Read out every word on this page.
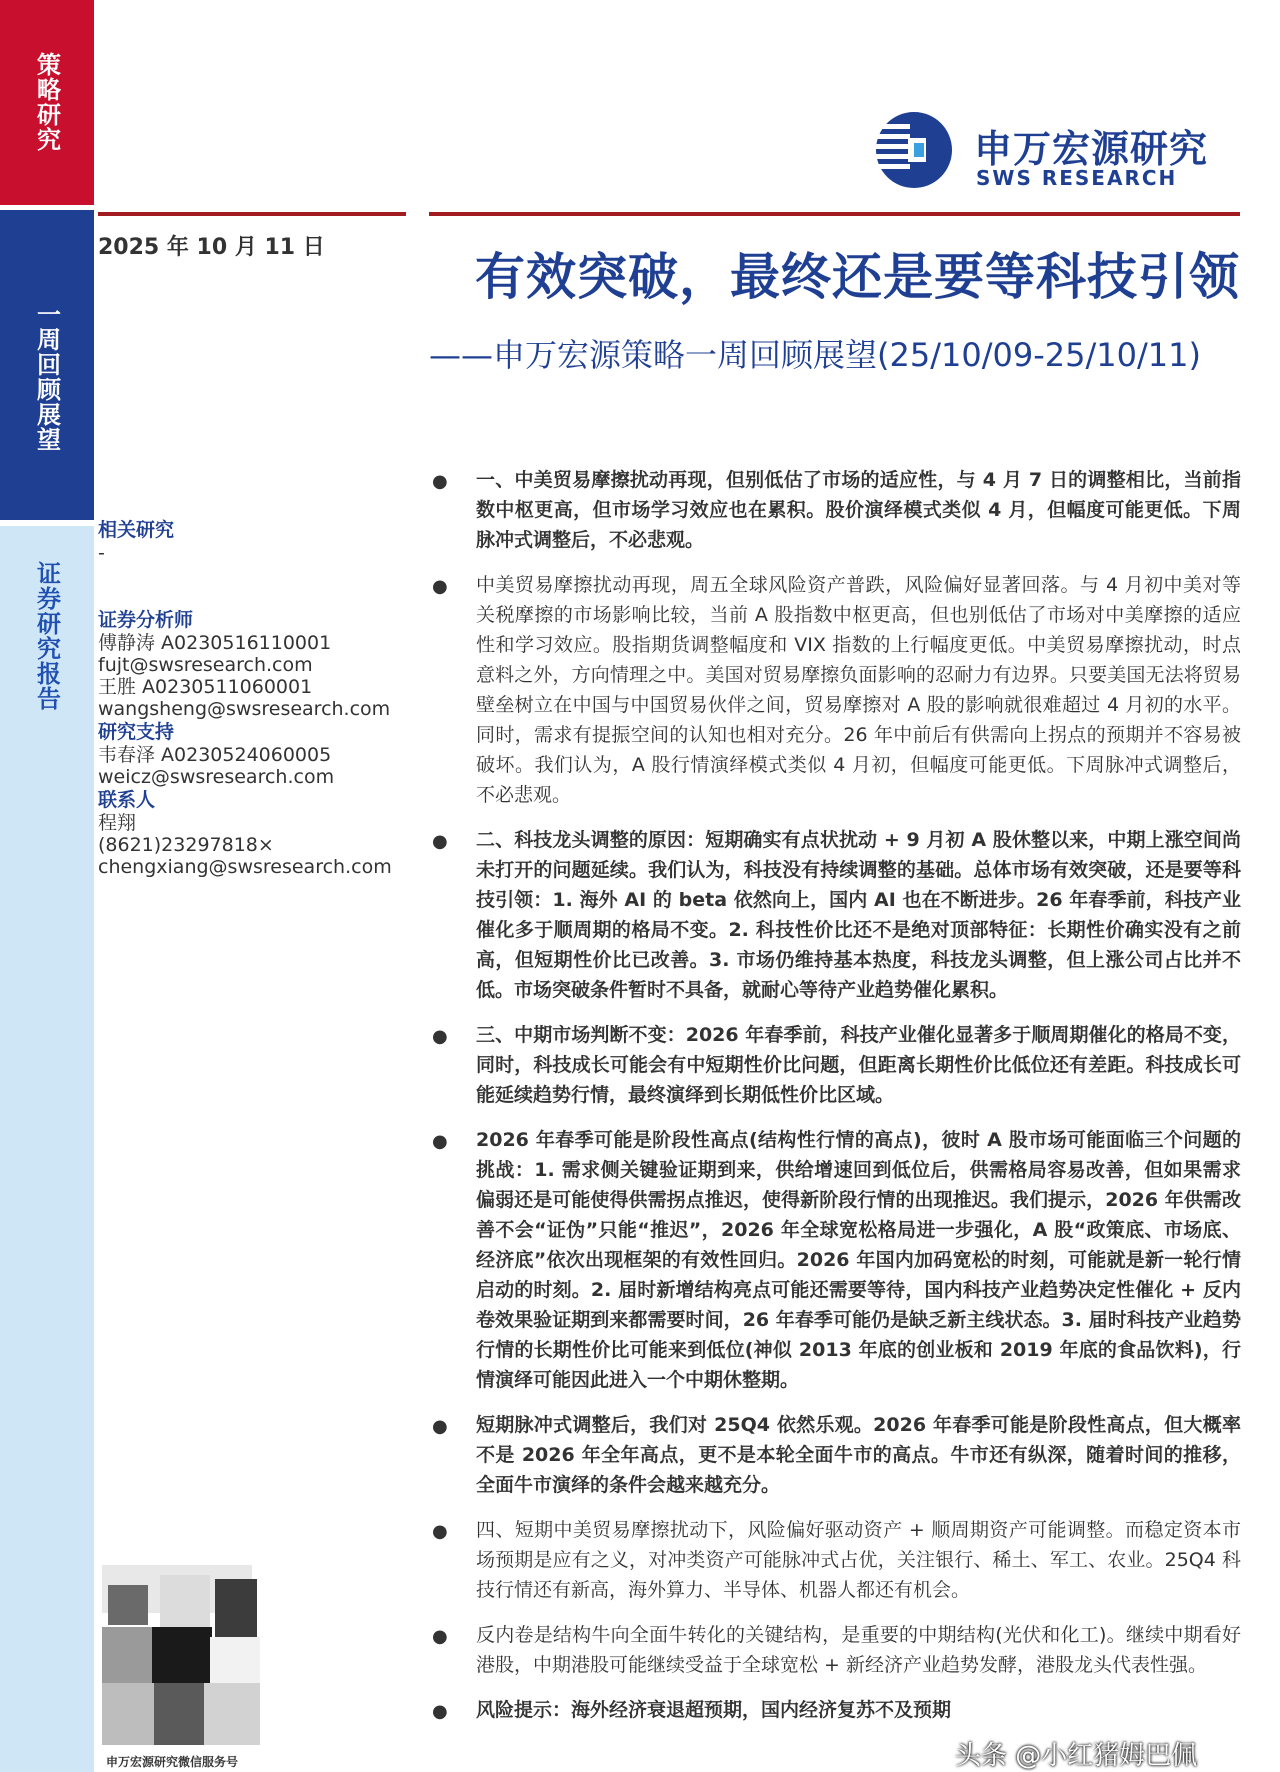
策略研究
一周回顾展望
证券研究报告
申万宏源研究
SWS RESEARCH
2025 年 10 月 11 日
有效突破，最终还是要等科技引领
——申万宏源策略一周回顾展望(25/10/09-25/10/11)
相关研究
-
证券分析师
傅静涛 A0230516110001
fujt@swsresearch.com
王胜 A0230511060001
wangsheng@swsresearch.com
研究支持
韦春泽 A0230524060005
weicz@swsresearch.com
联系人
程翔
(8621)23297818×
chengxiang@swsresearch.com
● 一、中美贸易摩擦扰动再现，但别低估了市场的适应性，与 4 月 7 日的调整相比，当前指数中枢更高，但市场学习效应也在累积。股价演绎模式类似 4 月，但幅度可能更低。下周脉冲式调整后，不必悲观。
● 中美贸易摩擦扰动再现，周五全球风险资产普跌，风险偏好显著回落。与 4 月初中美对等关税摩擦的市场影响比较，当前 A 股指数中枢更高，但也别低估了市场对中美摩擦的适应性和学习效应。股指期货调整幅度和 VIX 指数的上行幅度更低。中美贸易摩擦扰动，时点意料之外，方向情理之中。美国对贸易摩擦负面影响的忍耐力有边界。只要美国无法将贸易壁垒树立在中国与中国贸易伙伴之间，贸易摩擦对 A 股的影响就很难超过 4 月初的水平。同时，需求有提振空间的认知也相对充分。26 年中前后有供需向上拐点的预期并不容易被破坏。我们认为，A 股行情演绎模式类似 4 月初，但幅度可能更低。下周脉冲式调整后，不必悲观。
● 二、科技龙头调整的原因：短期确实有点状扰动 + 9 月初 A 股休整以来，中期上涨空间尚未打开的问题延续。我们认为，科技没有持续调整的基础。总体市场有效突破，还是要等科技引领：1. 海外 AI 的 beta 依然向上，国内 AI 也在不断进步。26 年春季前，科技产业催化多于顺周期的格局不变。2. 科技性价比还不是绝对顶部特征：长期性价确实没有之前高，但短期性价比已改善。3. 市场仍维持基本热度，科技龙头调整，但上涨公司占比并不低。市场突破条件暂时不具备，就耐心等待产业趋势催化累积。
● 三、中期市场判断不变：2026 年春季前，科技产业催化显著多于顺周期催化的格局不变，同时，科技成长可能会有中短期性价比问题，但距离长期性价比低位还有差距。科技成长可能延续趋势行情，最终演绎到长期低性价比区域。
● 2026 年春季可能是阶段性高点(结构性行情的高点)，彼时 A 股市场可能面临三个问题的挑战：1. 需求侧关键验证期到来，供给增速回到低位后，供需格局容易改善，但如果需求偏弱还是可能使得供需拐点推迟，使得新阶段行情的出现推迟。我们提示，2026 年供需改善不会“证伪”只能“推迟”，2026 年全球宽松格局进一步强化，A 股“政策底、市场底、经济底”依次出现框架的有效性回归。2026 年国内加码宽松的时刻，可能就是新一轮行情启动的时刻。2. 届时新增结构亮点可能还需要等待，国内科技产业趋势决定性催化 + 反内卷效果验证期到来都需要时间，26 年春季可能仍是缺乏新主线状态。3. 届时科技产业趋势行情的长期性价比可能来到低位(神似 2013 年底的创业板和 2019 年底的食品饮料)，行情演绎可能因此进入一个中期休整期。
● 短期脉冲式调整后，我们对 25Q4 依然乐观。2026 年春季可能是阶段性高点，但大概率不是 2026 年全年高点，更不是本轮全面牛市的高点。牛市还有纵深，随着时间的推移，全面牛市演绎的条件会越来越充分。
● 四、短期中美贸易摩擦扰动下，风险偏好驱动资产 + 顺周期资产可能调整。而稳定资本市场预期是应有之义，对冲类资产可能脉冲式占优，关注银行、稀土、军工、农业。25Q4 科技行情还有新高，海外算力、半导体、机器人都还有机会。
● 反内卷是结构牛向全面牛转化的关键结构，是重要的中期结构(光伏和化工)。继续中期看好港股，中期港股可能继续受益于全球宽松 + 新经济产业趋势发酵，港股龙头代表性强。
● 风险提示：海外经济衰退超预期，国内经济复苏不及预期
申万宏源研究微信服务号	头条 @小红猪姆巴佩
